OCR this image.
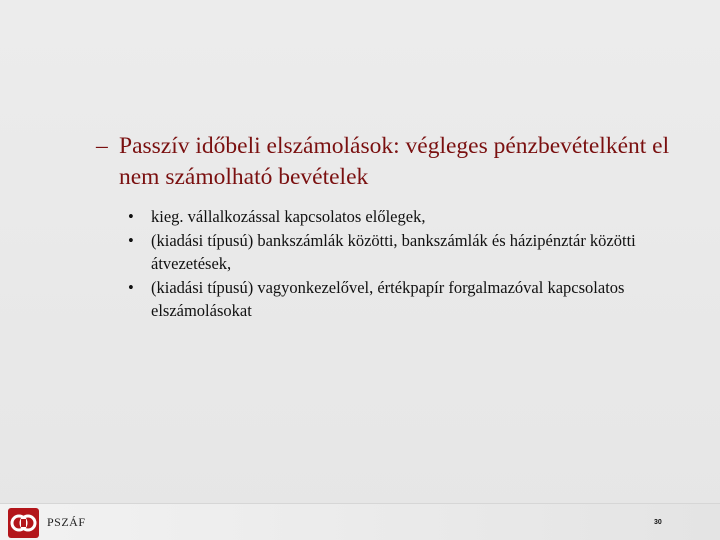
– Passzív időbeli elszámolások: végleges pénzbevételként el nem számolható bevételek
• kieg. vállalkozással kapcsolatos előlegek,
• (kiadási típusú) bankszámlák közötti, bankszámlák és házipénztár közötti átvezetések,
• (kiadási típusú) vagyonkezelővel, értékpapír forgalmazóval kapcsolatos elszámolásokat
PSZÁF	30
